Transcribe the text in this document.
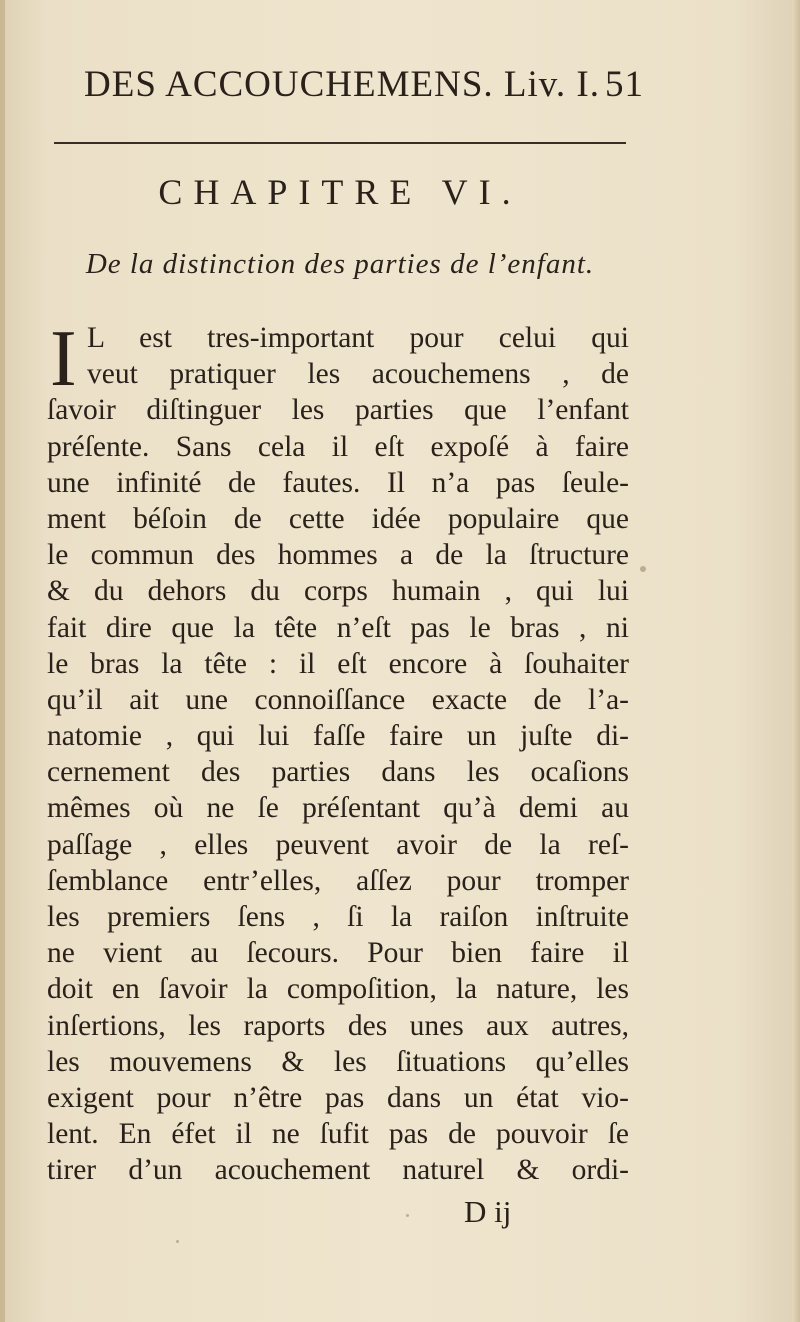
DES ACCOUCHEMENS. Liv. I. 51
CHAPITRE VI.
De la distinction des parties de l’enfant.
I L est tres-important pour celui qui
veut pratiquer les acouchemens , de
ſavoir diſtinguer les parties que l’enfant
préſente. Sans cela il eſt expoſé à faire
une infinité de fautes. Il n’a pas ſeule-
ment béſoin de cette idée populaire que
le commun des hommes a de la ſtructure
& du dehors du corps humain , qui lui
fait dire que la tête n’eſt pas le bras , ni
le bras la tête : il eſt encore à ſouhaiter
qu’il ait une connoiſſance exacte de l’a-
natomie , qui lui faſſe faire un juſte di-
cernement des parties dans les ocaſions
mêmes où ne ſe préſentant qu’à demi au
paſſage , elles peuvent avoir de la reſ-
ſemblance entr’elles, aſſez pour tromper
les premiers ſens , ſi la raiſon inſtruite
ne vient au ſecours. Pour bien faire il
doit en ſavoir la compoſition, la nature, les
inſertions, les raports des unes aux autres,
les mouvemens & les ſituations qu’elles
exigent pour n’être pas dans un état vio-
lent. En éfet il ne ſufit pas de pouvoir ſe
tirer d’un acouchement naturel & ordi-
D ij
